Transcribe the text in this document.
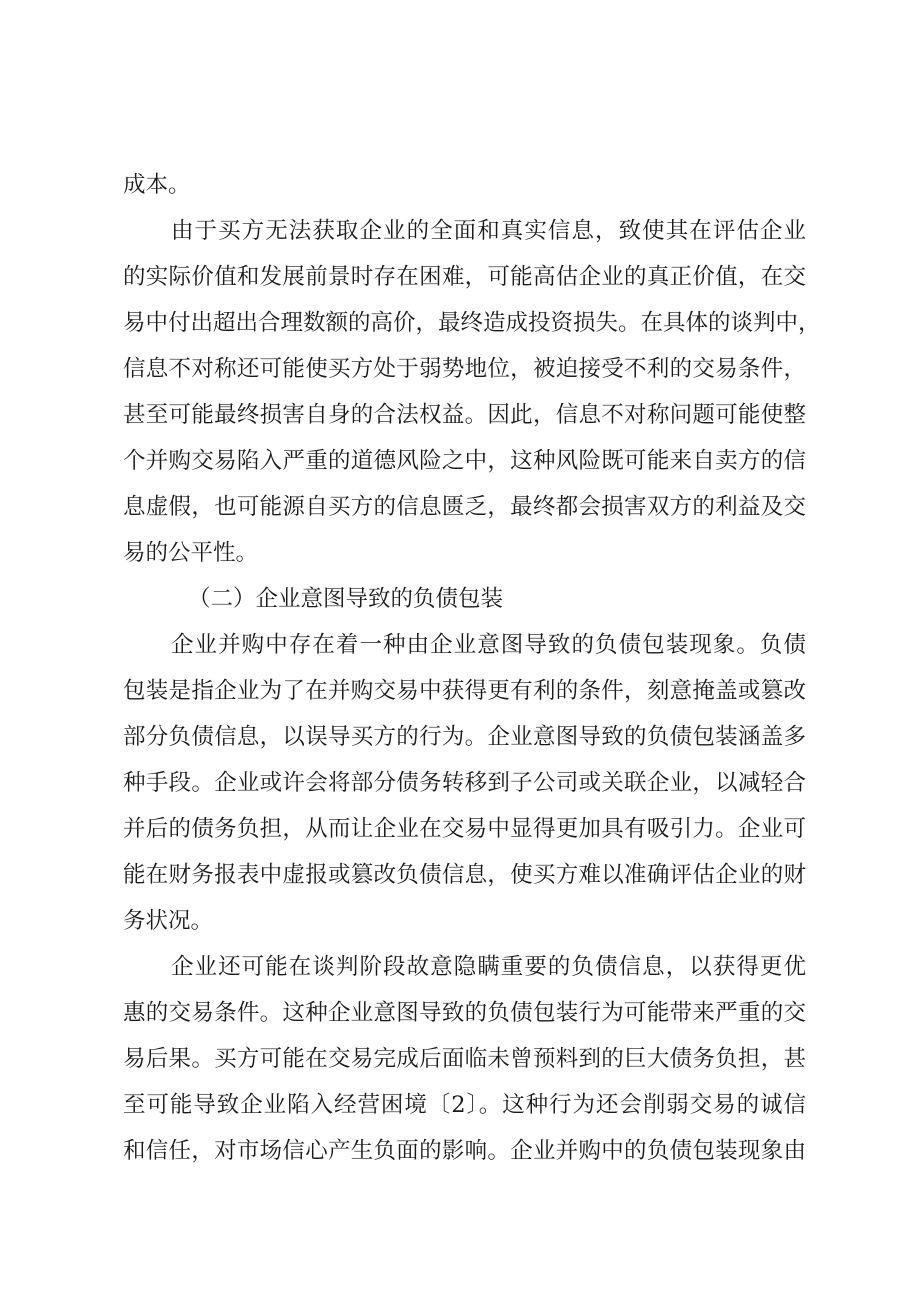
成本。
由于买方无法获取企业的全面和真实信息，致使其在评估企业
的实际价值和发展前景时存在困难，可能高估企业的真正价值，在交
易中付出超出合理数额的高价，最终造成投资损失。在具体的谈判中，
信息不对称还可能使买方处于弱势地位，被迫接受不利的交易条件，
甚至可能最终损害自身的合法权益。因此，信息不对称问题可能使整
个并购交易陷入严重的道德风险之中，这种风险既可能来自卖方的信
息虚假，也可能源自买方的信息匮乏，最终都会损害双方的利益及交
易的公平性。
（二）企业意图导致的负债包装
企业并购中存在着一种由企业意图导致的负债包装现象。负债
包装是指企业为了在并购交易中获得更有利的条件，刻意掩盖或篡改
部分负债信息，以误导买方的行为。企业意图导致的负债包装涵盖多
种手段。企业或许会将部分债务转移到子公司或关联企业，以减轻合
并后的债务负担，从而让企业在交易中显得更加具有吸引力。企业可
能在财务报表中虚报或篡改负债信息，使买方难以准确评估企业的财
务状况。
企业还可能在谈判阶段故意隐瞒重要的负债信息，以获得更优
惠的交易条件。这种企业意图导致的负债包装行为可能带来严重的交
易后果。买方可能在交易完成后面临未曾预料到的巨大债务负担，甚
至可能导致企业陷入经营困境〔2〕。这种行为还会削弱交易的诚信
和信任，对市场信心产生负面的影响。企业并购中的负债包装现象由
